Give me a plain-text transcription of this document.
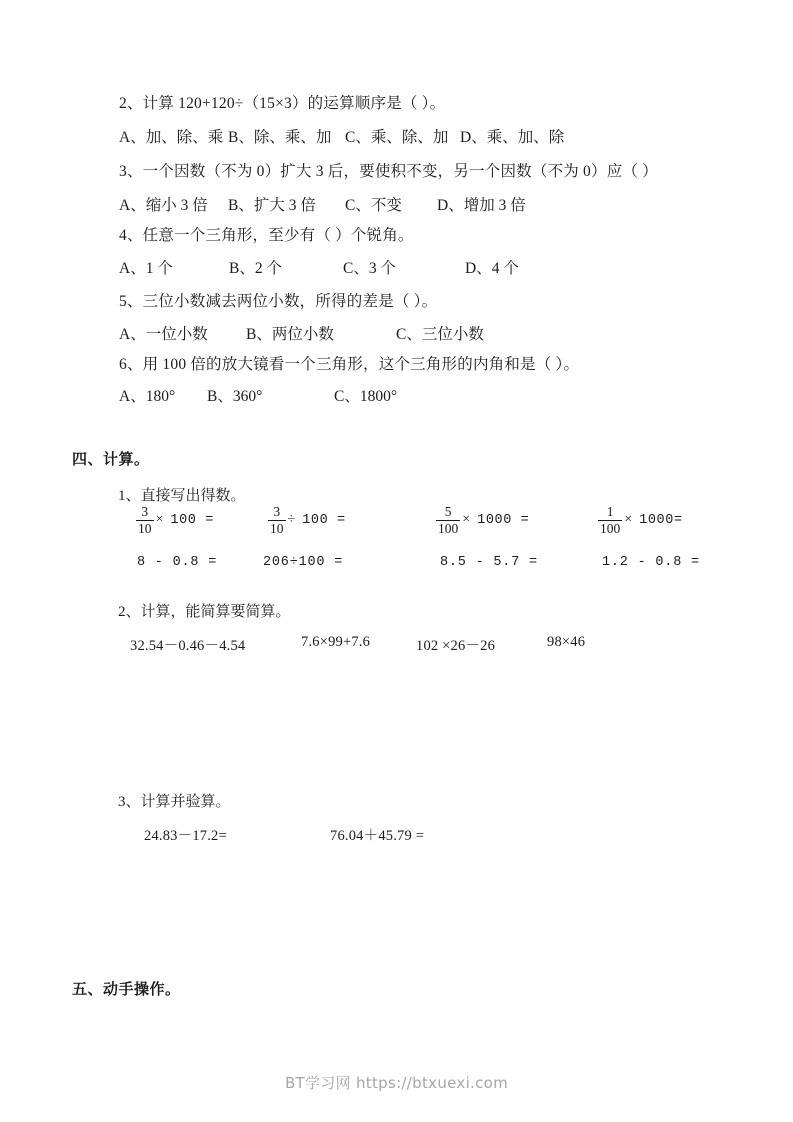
2、计算 120+120÷（15×3）的运算顺序是（ ）。
A、加、除、乘 B、除、乘、加 C、乘、除、加 D、乘、加、除
3、一个因数（不为 0）扩大 3 后，要使积不变，另一个因数（不为 0）应（ ）
A、缩小 3 倍 B、扩大 3 倍 C、不变 D、增加 3 倍
4、任意一个三角形，至少有（ ）个锐角。
A、1 个	B、2 个	C、3 个	D、4 个
5、三位小数减去两位小数，所得的差是（ ）。
A、一位小数 B、两位小数	C、三位小数
6、用 100 倍的放大镜看一个三角形，这个三角形的内角和是（ ）。
A、180° B、360°	C、1800°
四、计算。
1、直接写出得数。
$\frac{3}{10} \times 100$ =	$\frac{3}{10} \div 100$ =	$\frac{5}{100} \times 1000$ =	$\frac{1}{100} \times 1000=$
8 - 0.8 =	206÷100 =	8.5 - 5.7 =	1.2 - 0.8 =
2、计算，能简算要简算。
32.54－0.46－4.54	7.6×99+7.6	102 ×26－26	98×46
3、计算并验算。
24.83－17.2=	76.04＋45.79 =
五、动手操作。
BT学习网 https://btxuexi.com
